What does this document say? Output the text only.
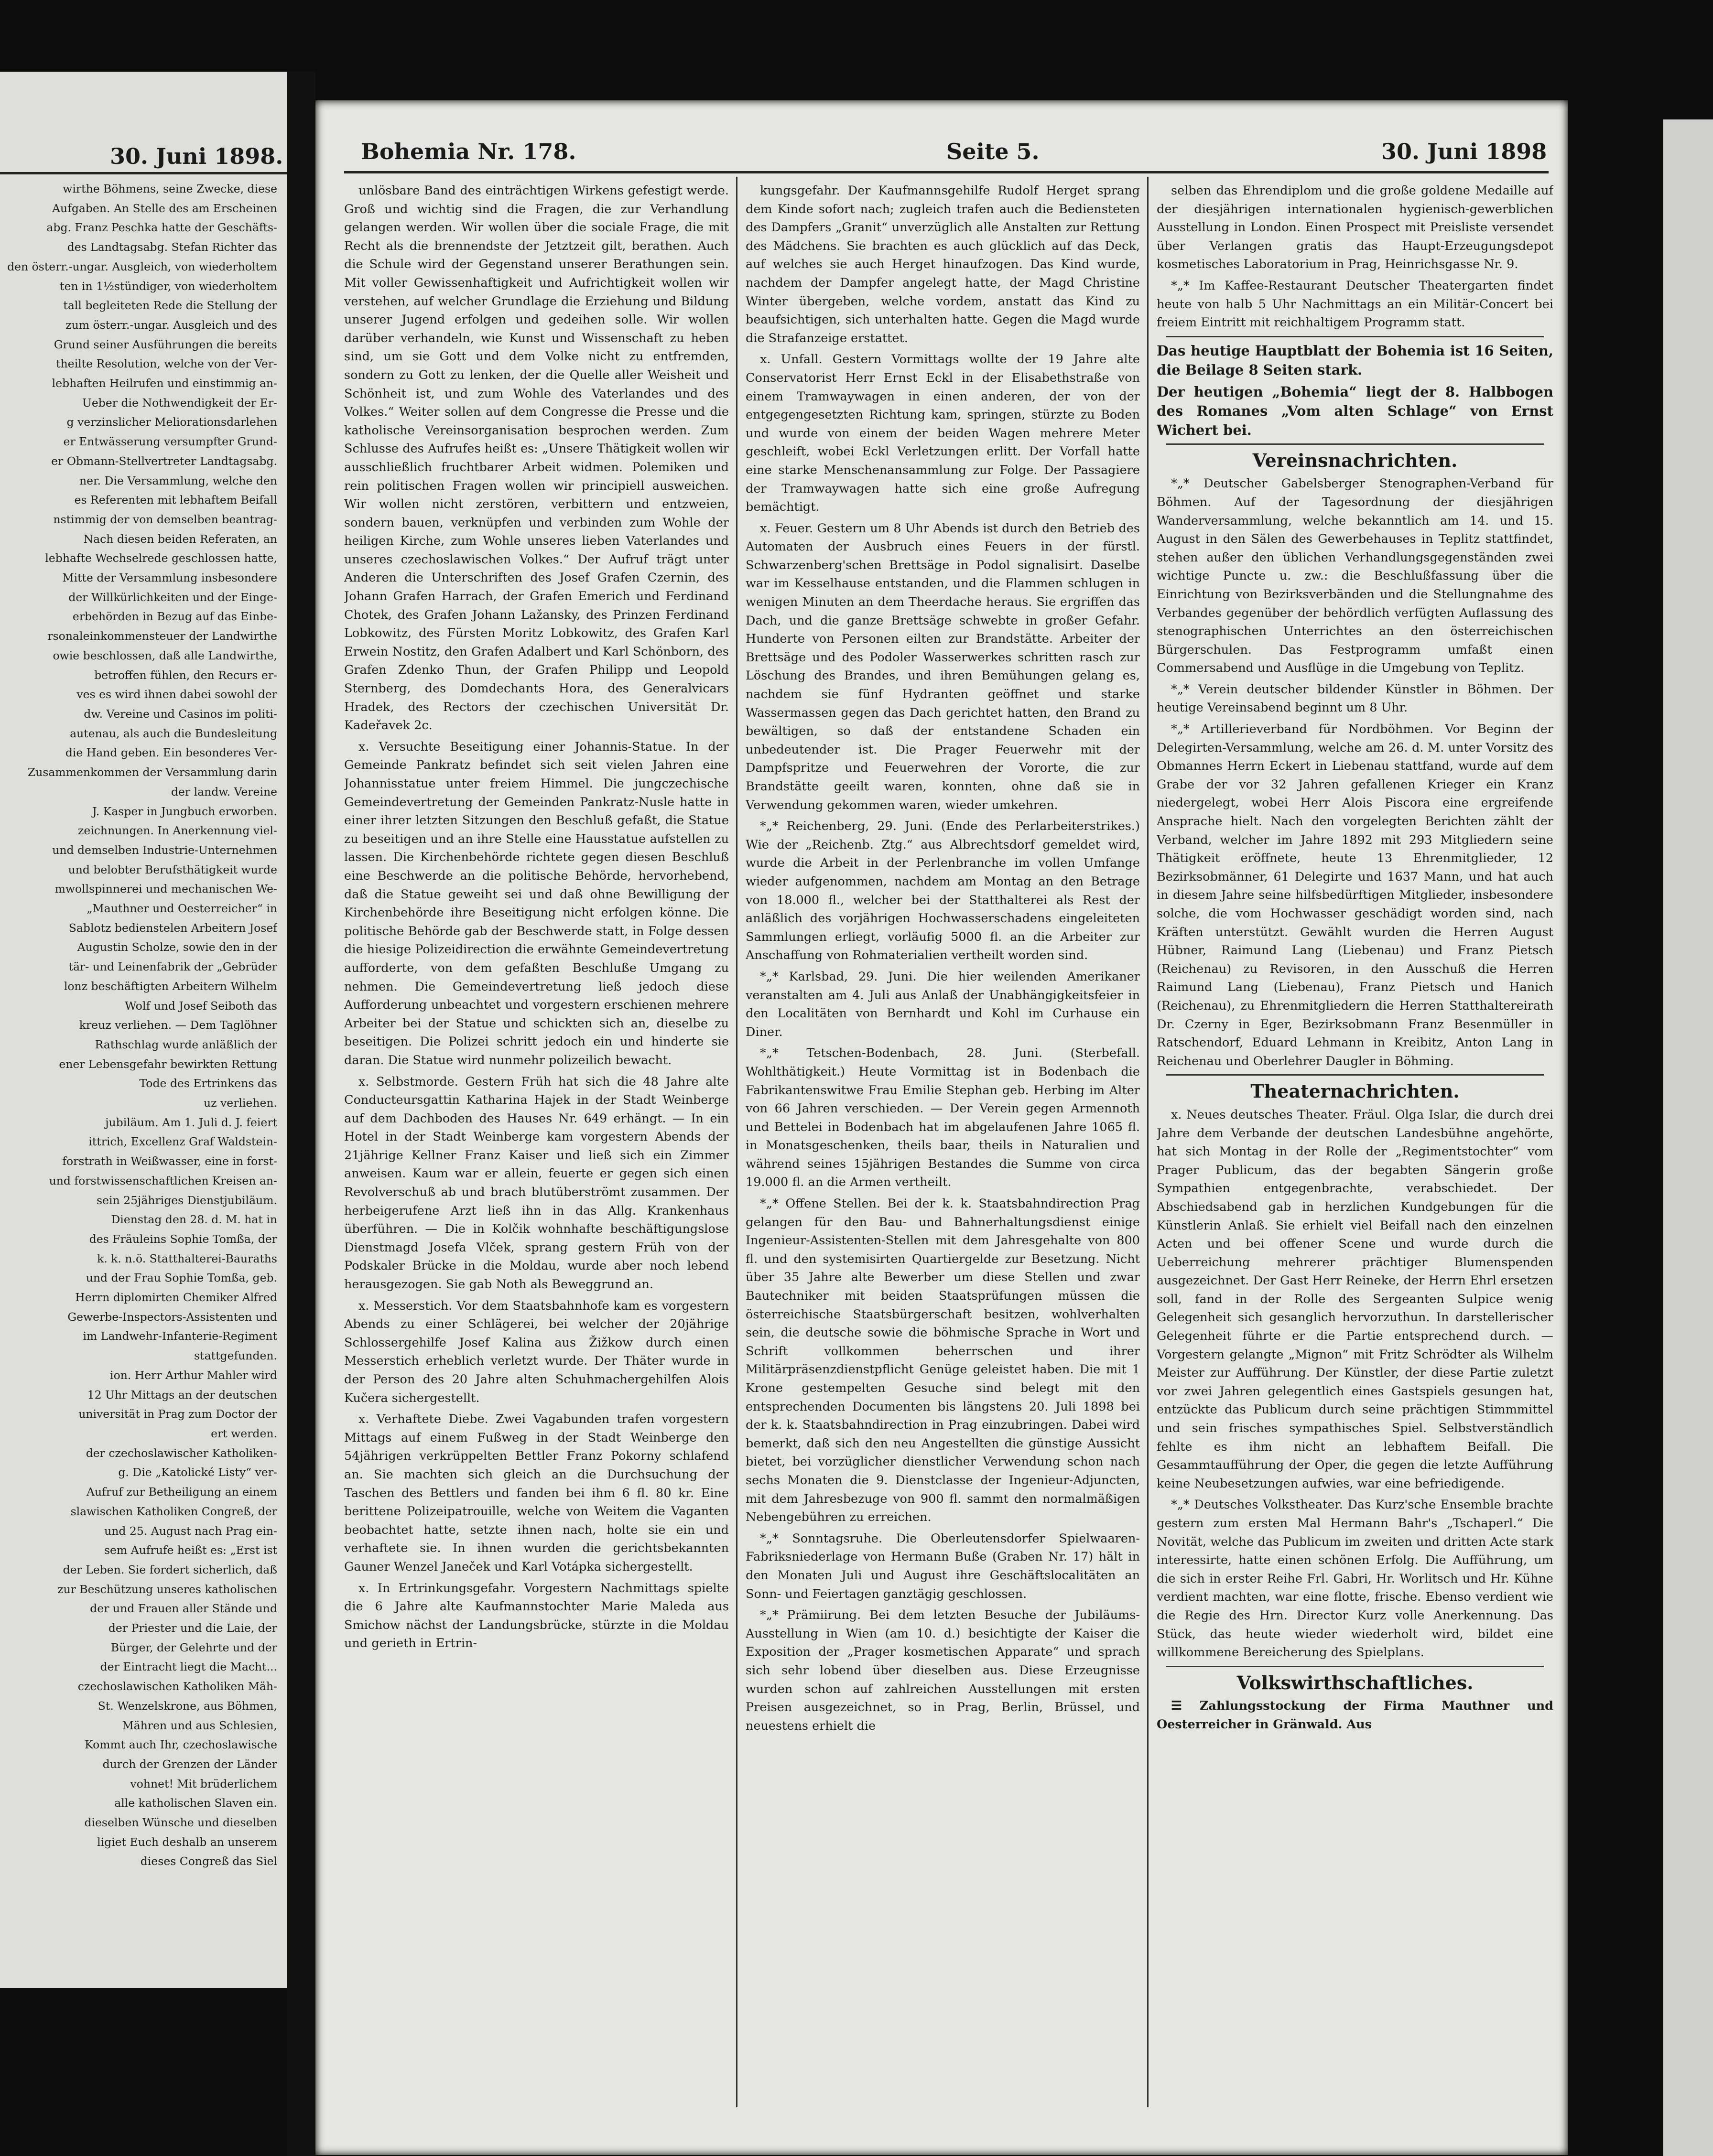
30. Juni 1898.
wirthe Böhmens, seine Zwecke, diese
Aufgaben. An Stelle des am Erscheinen
abg. Franz Peschka hatte der Geschäfts-
des Landtagsabg. Stefan Richter das
den österr.-ungar. Ausgleich, von wiederholtem
ten in 1½stündiger, von wiederholtem
tall begleiteten Rede die Stellung der
zum österr.-ungar. Ausgleich und des
Grund seiner Ausführungen die bereits
theilte Resolution, welche von der Ver-
lebhaften Heilrufen und einstimmig an-
Ueber die Nothwendigkeit der Er-
g verzinslicher Meliorationsdarlehen
er Entwässerung versumpfter Grund-
er Obmann-Stellvertreter Landtagsabg.
ner. Die Versammlung, welche den
es Referenten mit lebhaftem Beifall
nstimmig der von demselben beantrag-
Nach diesen beiden Referaten, an
lebhafte Wechselrede geschlossen hatte,
Mitte der Versammlung insbesondere
der Willkürlichkeiten und der Einge-
erbehörden in Bezug auf das Einbe-
rsonaleinkommensteuer der Landwirthe
owie beschlossen, daß alle Landwirthe,
betroffen fühlen, den Recurs er-
ves es wird ihnen dabei sowohl der
dw. Vereine und Casinos im politi-
autenau, als auch die Bundesleitung
die Hand geben. Ein besonderes Ver-
Zusammenkommen der Versammlung darin
der landw. Vereine
J. Kasper in Jungbuch erworben.
zeichnungen. In Anerkennung viel-
und demselben Industrie-Unternehmen
und belobter Berufsthätigkeit wurde
mwollspinnerei und mechanischen We-
„Mauthner und Oesterreicher“ in
Sablotz bedienstelen Arbeitern Josef
Augustin Scholze, sowie den in der
tär- und Leinenfabrik der „Gebrüder
lonz beschäftigten Arbeitern Wilhelm
Wolf und Josef Seiboth das
kreuz verliehen. — Dem Taglöhner
Rathschlag wurde anläßlich der
ener Lebensgefahr bewirkten Rettung
Tode des Ertrinkens das
uz verliehen.
jubiläum. Am 1. Juli d. J. feiert
ittrich, Excellenz Graf Waldstein-
forstrath in Weißwasser, eine in forst-
und forstwissenschaftlichen Kreisen an-
sein 25jähriges Dienstjubiläum.
Dienstag den 28. d. M. hat in
des Fräuleins Sophie Tomßa, der
k. k. n.ö. Statthalterei-Bauraths
und der Frau Sophie Tomßa, geb.
Herrn diplomirten Chemiker Alfred
Gewerbe-Inspectors-Assistenten und
im Landwehr-Infanterie-Regiment
stattgefunden.
ion. Herr Arthur Mahler wird
12 Uhr Mittags an der deutschen
universität in Prag zum Doctor der
ert werden.
der czechoslawischer Katholiken-
g. Die „Katolické Listy“ ver-
Aufruf zur Betheiligung an einem
slawischen Katholiken Congreß, der
und 25. August nach Prag ein-
sem Aufrufe heißt es: „Erst ist
der Leben. Sie fordert sicherlich, daß
zur Beschützung unseres katholischen
der und Frauen aller Stände und
der Priester und die Laie, der
Bürger, der Gelehrte und der
der Eintracht liegt die Macht...
czechoslawischen Katholiken Mäh-
St. Wenzelskrone, aus Böhmen,
Mähren und aus Schlesien,
Kommt auch Ihr, czechoslawische
durch der Grenzen der Länder
vohnet! Mit brüderlichem
alle katholischen Slaven ein.
dieselben Wünsche und dieselben
ligiet Euch deshalb an unserem
dieses Congreß das Siel
Bohemia Nr. 178.	Seite 5.	30. Juni 1898

unlösbare Band des einträchtigen Wirkens gefestigt werde. Groß und wichtig sind die Fragen, die zur Verhandlung gelangen werden. Wir wollen über die sociale Frage, die mit Recht als die brennendste der Jetztzeit gilt, berathen. Auch die Schule wird der Gegenstand unserer Berathungen sein. Mit voller Gewissenhaftigkeit und Aufrichtigkeit wollen wir verstehen, auf welcher Grundlage die Erziehung und Bildung unserer Jugend erfolgen und gedeihen solle. Wir wollen darüber verhandeln, wie Kunst und Wissenschaft zu heben sind, um sie Gott und dem Volke nicht zu entfremden, sondern zu Gott zu lenken, der die Quelle aller Weisheit und Schönheit ist, und zum Wohle des Vaterlandes und des Volkes.“ Weiter sollen auf dem Congresse die Presse und die katholische Vereinsorganisation besprochen werden. Zum Schlusse des Aufrufes heißt es: „Unsere Thätigkeit wollen wir ausschließlich fruchtbarer Arbeit widmen. Polemiken und rein politischen Fragen wollen wir principiell ausweichen. Wir wollen nicht zerstören, verbittern und entzweien, sondern bauen, verknüpfen und verbinden zum Wohle der heiligen Kirche, zum Wohle unseres lieben Vaterlandes und unseres czechoslawischen Volkes.“ Der Aufruf trägt unter Anderen die Unterschriften des Josef Grafen Czernin, des Johann Grafen Harrach, der Grafen Emerich und Ferdinand Chotek, des Grafen Johann Lažansky, des Prinzen Ferdinand Lobkowitz, des Fürsten Moritz Lobkowitz, des Grafen Karl Erwein Nostitz, den Grafen Adalbert und Karl Schönborn, des Grafen Zdenko Thun, der Grafen Philipp und Leopold Sternberg, des Domdechants Hora, des Generalvicars Hradek, des Rectors der czechischen Universität Dr. Kadeřavek 2c.

x. Versuchte Beseitigung einer Johannis-Statue. In der Gemeinde Pankratz befindet sich seit vielen Jahren eine Johannisstatue unter freiem Himmel. Die jungczechische Gemeindevertretung der Gemeinden Pankratz-Nusle hatte in einer ihrer letzten Sitzungen den Beschluß gefaßt, die Statue zu beseitigen und an ihre Stelle eine Hausstatue aufstellen zu lassen. Die Kirchenbehörde richtete gegen diesen Beschluß eine Beschwerde an die politische Behörde, hervorhebend, daß die Statue geweiht sei und daß ohne Bewilligung der Kirchenbehörde ihre Beseitigung nicht erfolgen könne. Die politische Behörde gab der Beschwerde statt, in Folge dessen die hiesige Polizeidirection die erwähnte Gemeindevertretung aufforderte, von dem gefaßten Beschluße Umgang zu nehmen. Die Gemeindevertretung ließ jedoch diese Aufforderung unbeachtet und vorgestern erschienen mehrere Arbeiter bei der Statue und schickten sich an, dieselbe zu beseitigen. Die Polizei schritt jedoch ein und hinderte sie daran. Die Statue wird nunmehr polizeilich bewacht.

x. Selbstmorde. Gestern Früh hat sich die 48 Jahre alte Conducteursgattin Katharina Hajek in der Stadt Weinberge auf dem Dachboden des Hauses Nr. 649 erhängt. — In ein Hotel in der Stadt Weinberge kam vorgestern Abends der 21jährige Kellner Franz Kaiser und ließ sich ein Zimmer anweisen. Kaum war er allein, feuerte er gegen sich einen Revolverschuß ab und brach blutüberströmt zusammen. Der herbeigerufene Arzt ließ ihn in das Allg. Krankenhaus überführen. — Die in Kolčik wohnhafte beschäftigungslose Dienstmagd Josefa Vlček, sprang gestern Früh von der Podskaler Brücke in die Moldau, wurde aber noch lebend herausgezogen. Sie gab Noth als Beweggrund an.

x. Messerstich. Vor dem Staatsbahnhofe kam es vorgestern Abends zu einer Schlägerei, bei welcher der 20jährige Schlossergehilfe Josef Kalina aus Žižkow durch einen Messerstich erheblich verletzt wurde. Der Thäter wurde in der Person des 20 Jahre alten Schuhmachergehilfen Alois Kučera sichergestellt.

x. Verhaftete Diebe. Zwei Vagabunden trafen vorgestern Mittags auf einem Fußweg in der Stadt Weinberge den 54jährigen verkrüppelten Bettler Franz Pokorny schlafend an. Sie machten sich gleich an die Durchsuchung der Taschen des Bettlers und fanden bei ihm 6 fl. 80 kr. Eine berittene Polizeipatrouille, welche von Weitem die Vaganten beobachtet hatte, setzte ihnen nach, holte sie ein und verhaftete sie. In ihnen wurden die gerichtsbekannten Gauner Wenzel Janeček und Karl Votápka sichergestellt.

x. In Ertrinkungsgefahr. Vorgestern Nachmittags spielte die 6 Jahre alte Kaufmannstochter Marie Maleda aus Smichow nächst der Landungsbrücke, stürzte in die Moldau und gerieth in Ertrin-

kungsgefahr. Der Kaufmannsgehilfe Rudolf Herget sprang dem Kinde sofort nach; zugleich trafen auch die Bediensteten des Dampfers „Granit“ unverzüglich alle Anstalten zur Rettung des Mädchens. Sie brachten es auch glücklich auf das Deck, auf welches sie auch Herget hinaufzogen. Das Kind wurde, nachdem der Dampfer angelegt hatte, der Magd Christine Winter übergeben, welche vordem, anstatt das Kind zu beaufsichtigen, sich unterhalten hatte. Gegen die Magd wurde die Strafanzeige erstattet.

x. Unfall. Gestern Vormittags wollte der 19 Jahre alte Conservatorist Herr Ernst Eckl in der Elisabethstraße von einem Tramwaywagen in einen anderen, der von der entgegengesetzten Richtung kam, springen, stürzte zu Boden und wurde von einem der beiden Wagen mehrere Meter geschleift, wobei Eckl Verletzungen erlitt. Der Vorfall hatte eine starke Menschenansammlung zur Folge. Der Passagiere der Tramwaywagen hatte sich eine große Aufregung bemächtigt.

x. Feuer. Gestern um 8 Uhr Abends ist durch den Betrieb des Automaten der Ausbruch eines Feuers in der fürstl. Schwarzenberg'schen Brettsäge in Podol signalisirt. Daselbe war im Kesselhause entstanden, und die Flammen schlugen in wenigen Minuten an dem Theerdache heraus. Sie ergriffen das Dach, und die ganze Brettsäge schwebte in großer Gefahr. Hunderte von Personen eilten zur Brandstätte. Arbeiter der Brettsäge und des Podoler Wasserwerkes schritten rasch zur Löschung des Brandes, und ihren Bemühungen gelang es, nachdem sie fünf Hydranten geöffnet und starke Wassermassen gegen das Dach gerichtet hatten, den Brand zu bewältigen, so daß der entstandene Schaden ein unbedeutender ist. Die Prager Feuerwehr mit der Dampfspritze und Feuerwehren der Vororte, die zur Brandstätte geeilt waren, konnten, ohne daß sie in Verwendung gekommen waren, wieder umkehren.

*„* Reichenberg, 29. Juni. (Ende des Perlarbeiterstrikes.) Wie der „Reichenb. Ztg.“ aus Albrechtsdorf gemeldet wird, wurde die Arbeit in der Perlenbranche im vollen Umfange wieder aufgenommen, nachdem am Montag an den Betrage von 18.000 fl., welcher bei der Statthalterei als Rest der anläßlich des vorjährigen Hochwasserschadens eingeleiteten Sammlungen erliegt, vorläufig 5000 fl. an die Arbeiter zur Anschaffung von Rohmaterialien vertheilt worden sind.

*„* Karlsbad, 29. Juni. Die hier weilenden Amerikaner veranstalten am 4. Juli aus Anlaß der Unabhängigkeitsfeier in den Localitäten von Bernhardt und Kohl im Curhause ein Diner.

*„* Tetschen-Bodenbach, 28. Juni. (Sterbefall. Wohlthätigkeit.) Heute Vormittag ist in Bodenbach die Fabrikantenswitwe Frau Emilie Stephan geb. Herbing im Alter von 66 Jahren verschieden. — Der Verein gegen Armennoth und Bettelei in Bodenbach hat im abgelaufenen Jahre 1065 fl. in Monatsgeschenken, theils baar, theils in Naturalien und während seines 15jährigen Bestandes die Summe von circa 19.000 fl. an die Armen vertheilt.

*„* Offene Stellen. Bei der k. k. Staatsbahndirection Prag gelangen für den Bau- und Bahnerhaltungsdienst einige Ingenieur-Assistenten-Stellen mit dem Jahresgehalte von 800 fl. und den systemisirten Quartiergelde zur Besetzung. Nicht über 35 Jahre alte Bewerber um diese Stellen und zwar Bautechniker mit beiden Staatsprüfungen müssen die österreichische Staatsbürgerschaft besitzen, wohlverhalten sein, die deutsche sowie die böhmische Sprache in Wort und Schrift vollkommen beherrschen und ihrer Militärpräsenzdienstpflicht Genüge geleistet haben. Die mit 1 Krone gestempelten Gesuche sind belegt mit den entsprechenden Documenten bis längstens 20. Juli 1898 bei der k. k. Staatsbahndirection in Prag einzubringen. Dabei wird bemerkt, daß sich den neu Angestellten die günstige Aussicht bietet, bei vorzüglicher dienstlicher Verwendung schon nach sechs Monaten die 9. Dienstclasse der Ingenieur-Adjuncten, mit dem Jahresbezuge von 900 fl. sammt den normalmäßigen Nebengebühren zu erreichen.

*„* Sonntagsruhe. Die Oberleutensdorfer Spielwaaren-Fabriksniederlage von Hermann Buße (Graben Nr. 17) hält in den Monaten Juli und August ihre Geschäftslocalitäten an Sonn- und Feiertagen ganztägig geschlossen.

*„* Prämiirung. Bei dem letzten Besuche der Jubiläums-Ausstellung in Wien (am 10. d.) besichtigte der Kaiser die Exposition der „Prager kosmetischen Apparate“ und sprach sich sehr lobend über dieselben aus. Diese Erzeugnisse wurden schon auf zahlreichen Ausstellungen mit ersten Preisen ausgezeichnet, so in Prag, Berlin, Brüssel, und neuestens erhielt die

selben das Ehrendiplom und die große goldene Medaille auf der diesjährigen internationalen hygienisch-gewerblichen Ausstellung in London. Einen Prospect mit Preisliste versendet über Verlangen gratis das Haupt-Erzeugungsdepot kosmetisches Laboratorium in Prag, Heinrichsgasse Nr. 9.

*„* Im Kaffee-Restaurant Deutscher Theatergarten findet heute von halb 5 Uhr Nachmittags an ein Militär-Concert bei freiem Eintritt mit reichhaltigem Programm statt.

Das heutige Hauptblatt der Bohemia ist 16 Seiten, die Beilage 8 Seiten stark.

Der heutigen „Bohemia“ liegt der 8. Halbbogen des Romanes „Vom alten Schlage“ von Ernst Wichert bei.

Vereinsnachrichten.

*„* Deutscher Gabelsberger Stenographen-Verband für Böhmen. Auf der Tagesordnung der diesjährigen Wanderversammlung, welche bekanntlich am 14. und 15. August in den Sälen des Gewerbehauses in Teplitz stattfindet, stehen außer den üblichen Verhandlungsgegenständen zwei wichtige Puncte u. zw.: die Beschlußfassung über die Einrichtung von Bezirksverbänden und die Stellungnahme des Verbandes gegenüber der behördlich verfügten Auflassung des stenographischen Unterrichtes an den österreichischen Bürgerschulen. Das Festprogramm umfaßt einen Commersabend und Ausflüge in die Umgebung von Teplitz.

*„* Verein deutscher bildender Künstler in Böhmen. Der heutige Vereinsabend beginnt um 8 Uhr.

*„* Artillerieverband für Nordböhmen. Vor Beginn der Delegirten-Versammlung, welche am 26. d. M. unter Vorsitz des Obmannes Herrn Eckert in Liebenau stattfand, wurde auf dem Grabe der vor 32 Jahren gefallenen Krieger ein Kranz niedergelegt, wobei Herr Alois Piscora eine ergreifende Ansprache hielt. Nach den vorgelegten Berichten zählt der Verband, welcher im Jahre 1892 mit 293 Mitgliedern seine Thätigkeit eröffnete, heute 13 Ehrenmitglieder, 12 Bezirksobmänner, 61 Delegirte und 1637 Mann, und hat auch in diesem Jahre seine hilfsbedürftigen Mitglieder, insbesondere solche, die vom Hochwasser geschädigt worden sind, nach Kräften unterstützt. Gewählt wurden die Herren August Hübner, Raimund Lang (Liebenau) und Franz Pietsch (Reichenau) zu Revisoren, in den Ausschuß die Herren Raimund Lang (Liebenau), Franz Pietsch und Hanich (Reichenau), zu Ehrenmitgliedern die Herren Statthaltereirath Dr. Czerny in Eger, Bezirksobmann Franz Besenmüller in Ratschendorf, Eduard Lehmann in Kreibitz, Anton Lang in Reichenau und Oberlehrer Daugler in Böhming.

Theaternachrichten.

x. Neues deutsches Theater. Fräul. Olga Islar, die durch drei Jahre dem Verbande der deutschen Landesbühne angehörte, hat sich Montag in der Rolle der „Regimentstochter“ vom Prager Publicum, das der begabten Sängerin große Sympathien entgegenbrachte, verabschiedet. Der Abschiedsabend gab in herzlichen Kundgebungen für die Künstlerin Anlaß. Sie erhielt viel Beifall nach den einzelnen Acten und bei offener Scene und wurde durch die Ueberreichung mehrerer prächtiger Blumenspenden ausgezeichnet. Der Gast Herr Reineke, der Herrn Ehrl ersetzen soll, fand in der Rolle des Sergeanten Sulpice wenig Gelegenheit sich gesanglich hervorzuthun. In darstellerischer Gelegenheit führte er die Partie entsprechend durch. — Vorgestern gelangte „Mignon“ mit Fritz Schrödter als Wilhelm Meister zur Aufführung. Der Künstler, der diese Partie zuletzt vor zwei Jahren gelegentlich eines Gastspiels gesungen hat, entzückte das Publicum durch seine prächtigen Stimmmittel und sein frisches sympathisches Spiel. Selbstverständlich fehlte es ihm nicht an lebhaftem Beifall. Die Gesammtaufführung der Oper, die gegen die letzte Aufführung keine Neubesetzungen aufwies, war eine befriedigende.

*„* Deutsches Volkstheater. Das Kurz'sche Ensemble brachte gestern zum ersten Mal Hermann Bahr's „Tschaperl.“ Die Novität, welche das Publicum im zweiten und dritten Acte stark interessirte, hatte einen schönen Erfolg. Die Aufführung, um die sich in erster Reihe Frl. Gabri, Hr. Worlitsch und Hr. Kühne verdient machten, war eine flotte, frische. Ebenso verdient wie die Regie des Hrn. Director Kurz volle Anerkennung. Das Stück, das heute wieder wiederholt wird, bildet eine willkommene Bereicherung des Spielplans.

Volkswirthschaftliches.

☰ Zahlungsstockung der Firma Mauthner und Oesterreicher in Gränwald. Aus
